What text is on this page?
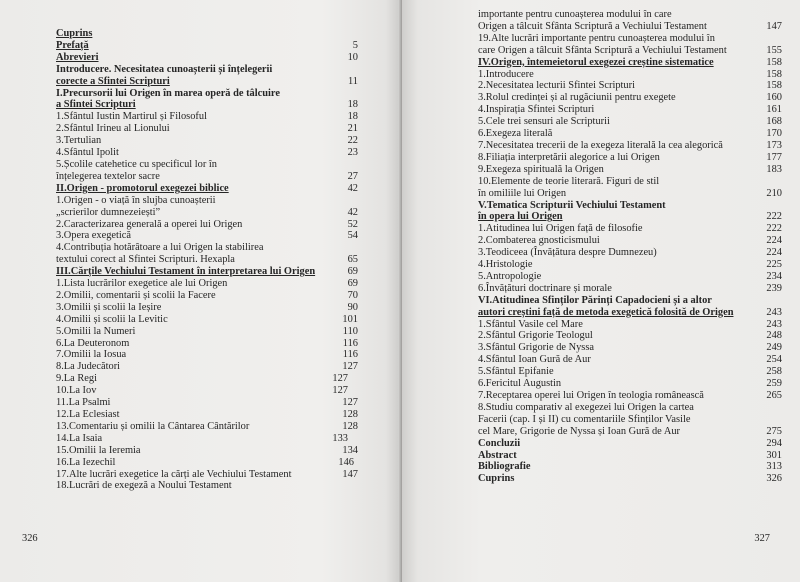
Cuprins
Prefață	5
Abrevieri	10
Introducere. Necesitatea cunoașterii și înțelegerii
corecte a Sfintei Scripturi	11
I.Precursorii lui Origen în marea operă de tâlcuire
a Sfintei Scripturi	18
1.Sfântul Iustin Martirul și Filosoful	18
2.Sfântul Irineu al Lionului	21
3.Tertulian	22
4.Sfântul Ipolit	23
5.Școlile catehetice cu specificul lor în
înțelegerea textelor sacre	27
II.Origen - promotorul exegezei biblice	42
1.Origen - o viață în slujba cunoașterii
„scrierilor dumnezeiești”	42
2.Caracterizarea generală a operei lui Origen	52
3.Opera exegetică	54
4.Contribuția hotărâtoare a lui Origen la stabilirea
textului corect al Sfintei Scripturi. Hexapla	65
III.Cărțile Vechiului Testament în interpretarea lui Origen	69
1.Lista lucrărilor exegetice ale lui Origen	69
2.Omilii, comentarii și scolii la Facere	70
3.Omilii și scolii la Ieșire	90
4.Omilii și scolii la Levitic	101
5.Omilii la Numeri	110
6.La Deuteronom	116
7.Omilii la Iosua	116
8.La Judecători	127
9.La Regi	127
10.La Iov	127
11.La Psalmi	127
12.La Eclesiast	128
13.Comentariu și omilii la Cântarea Cântărilor	128
14.La Isaia	133
15.Omilii la Ieremia	134
16.La Iezechil	146
17.Alte lucrări exegetice la cărți ale Vechiului Testament	147
18.Lucrări de exegeză a Noului Testament
326
importante pentru cunoașterea modului în care
Origen a tâlcuit Sfânta Scriptură a Vechiului Testament	147
19.Alte lucrări importante pentru cunoașterea modului în
care Origen a tâlcuit Sfânta Scriptură a Vechiului Testament	155
IV.Origen, întemeietorul exegezei creștine sistematice	158
1.Introducere	158
2.Necesitatea lecturii Sfintei Scripturi	158
3.Rolul credinței și al rugăciunii pentru exegete	160
4.Inspirația Sfintei Scripturi	161
5.Cele trei sensuri ale Scripturii	168
6.Exegeza literală	170
7.Necesitatea trecerii de la exegeza literală la cea alegorică	173
8.Filiația interpretării alegorice a lui Origen	177
9.Exegeza spirituală la Origen	183
10.Elemente de teorie literară. Figuri de stil
în omiliile lui Origen	210
V.Tematica Scripturii Vechiului Testament
în opera lui Origen	222
1.Atitudinea lui Origen față de filosofie	222
2.Combaterea gnosticismului	224
3.Teodiceea (Învățătura despre Dumnezeu)	224
4.Hristologie	225
5.Antropologie	234
6.Învățături doctrinare și morale	239
VI.Atitudinea Sfinților Părinți Capadocieni și a altor
autori creștini față de metoda exegetică folosită de Origen	243
1.Sfântul Vasile cel Mare	243
2.Sfântul Grigorie Teologul	248
3.Sfântul Grigorie de Nyssa	249
4.Sfântul Ioan Gură de Aur	254
5.Sfântul Epifanie	258
6.Fericitul Augustin	259
7.Receptarea operei lui Origen în teologia românească	265
8.Studiu comparativ al exegezei lui Origen la cartea
Facerii (cap. I și II) cu comentariile Sfinților Vasile
cel Mare, Grigorie de Nyssa și Ioan Gură de Aur	275
Concluzii	294
Abstract	301
Bibliografie	313
Cuprins	326
327
